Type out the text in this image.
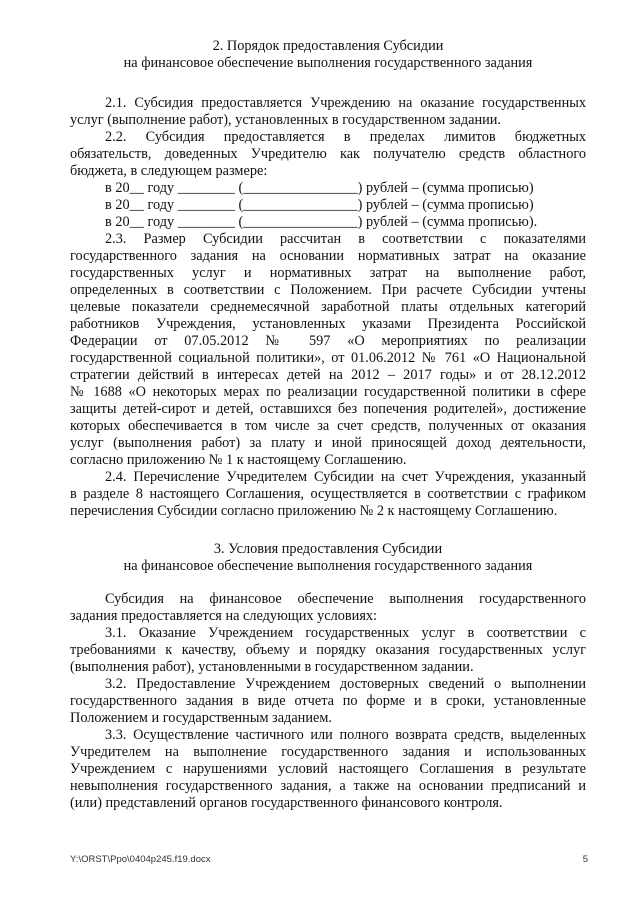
2. Порядок предоставления Субсидии
на финансовое обеспечение выполнения государственного задания
2.1. Субсидия предоставляется Учреждению на оказание государственных
услуг (выполнение работ), установленных в государственном задании.
2.2. Субсидия предоставляется в пределах лимитов бюджетных
обязательств, доведенных Учредителю как получателю средств областного
бюджета, в следующем размере:
в 20__ году ________ (________________) рублей – (сумма прописью)
в 20__ году ________ (________________) рублей – (сумма прописью)
в 20__ году ________ (________________) рублей – (сумма прописью).
2.3. Размер Субсидии рассчитан в соответствии с показателями
государственного задания на основании нормативных затрат на оказание
государственных услуг и нормативных затрат на выполнение работ,
определенных в соответствии с Положением. При расчете Субсидии учтены
целевые показатели среднемесячной заработной платы отдельных категорий
работников Учреждения, установленных указами Президента Российской
Федерации от 07.05.2012 № 597 «О мероприятиях по реализации
государственной социальной политики», от 01.06.2012 № 761 «О Национальной
стратегии действий в интересах детей на 2012 – 2017 годы» и от 28.12.2012
№ 1688 «О некоторых мерах по реализации государственной политики в сфере
защиты детей-сирот и детей, оставшихся без попечения родителей», достижение
которых обеспечивается в том числе за счет средств, полученных от оказания
услуг (выполнения работ) за плату и иной приносящей доход деятельности,
согласно приложению № 1 к настоящему Соглашению.
2.4. Перечисление Учредителем Субсидии на счет Учреждения, указанный
в разделе 8 настоящего Соглашения, осуществляется в соответствии с графиком
перечисления Субсидии согласно приложению № 2 к настоящему Соглашению.
3. Условия предоставления Субсидии
на финансовое обеспечение выполнения государственного задания
Субсидия на финансовое обеспечение выполнения государственного
задания предоставляется на следующих условиях:
3.1. Оказание Учреждением государственных услуг в соответствии с
требованиями к качеству, объему и порядку оказания государственных услуг
(выполнения работ), установленными в государственном задании.
3.2. Предоставление Учреждением достоверных сведений о выполнении
государственного задания в виде отчета по форме и в сроки, установленные
Положением и государственным заданием.
3.3. Осуществление частичного или полного возврата средств, выделенных
Учредителем на выполнение государственного задания и использованных
Учреждением с нарушениями условий настоящего Соглашения в результате
невыполнения государственного задания, а также на основании предписаний и
(или) представлений органов государственного финансового контроля.
Y:\ORST\Ppo\0404p245.f19.docx	5
